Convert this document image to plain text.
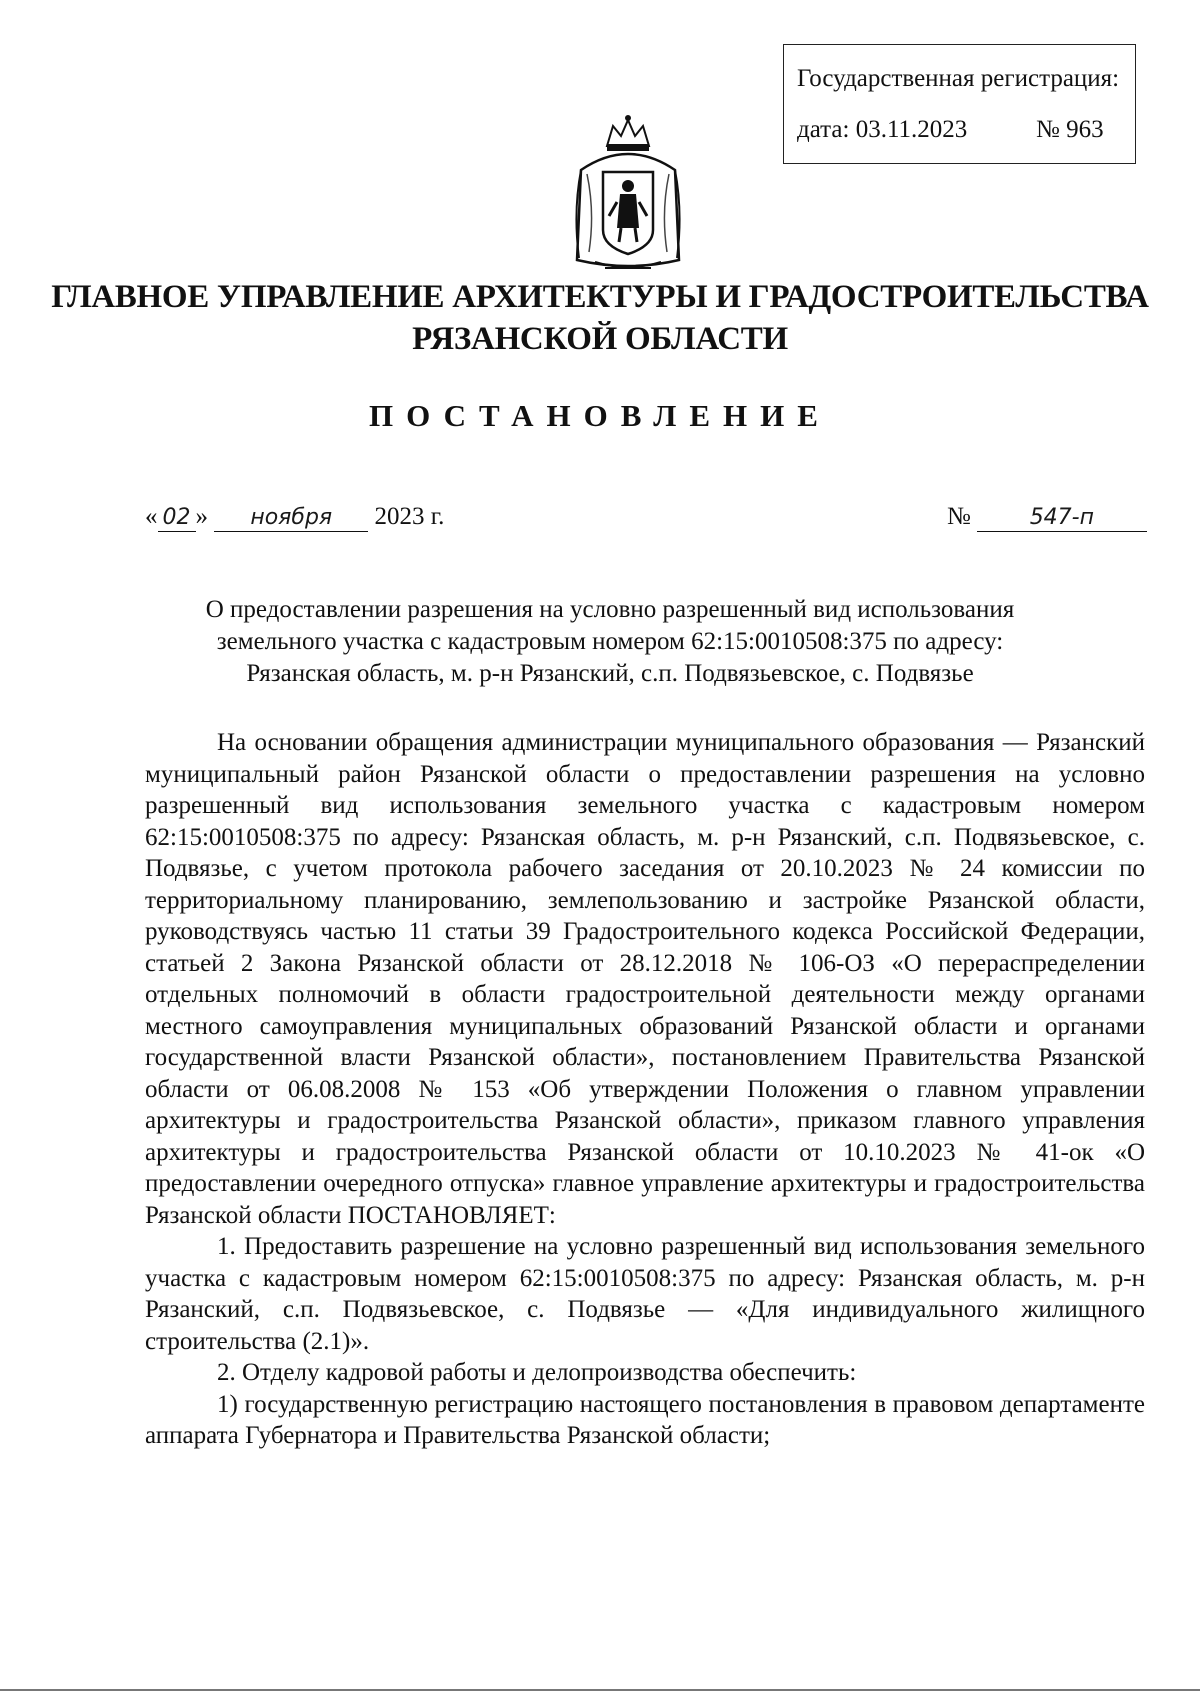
Государственная регистрация:
дата: 03.11.2023	№ 963
ГЛАВНОЕ УПРАВЛЕНИЕ АРХИТЕКТУРЫ И ГРАДОСТРОИТЕЛЬСТВА
РЯЗАНСКОЙ ОБЛАСТИ
ПОСТАНОВЛЕНИЕ
« 02 » ноября 2023 г.	№	547-п
О предоставлении разрешения на условно разрешенный вид использования
земельного участка с кадастровым номером 62:15:0010508:375 по адресу:
Рязанская область, м. р-н Рязанский, с.п. Подвязьевское, с. Подвязье

На основании обращения администрации муниципального образования — Рязанский муниципальный район Рязанской области о предоставлении разрешения на условно разрешенный вид использования земельного участка с кадастровым номером 62:15:0010508:375 по адресу: Рязанская область, м. р-н Рязанский, с.п. Подвязьевское, с. Подвязье, с учетом протокола рабочего заседания от 20.10.2023 № 24 комиссии по территориальному планированию, землепользованию и застройке Рязанской области, руководствуясь частью 11 статьи 39 Градостроительного кодекса Российской Федерации, статьей 2 Закона Рязанской области от 28.12.2018 № 106-ОЗ «О перераспределении отдельных полномочий в области градостроительной деятельности между органами местного самоуправления муниципальных образований Рязанской области и органами государственной власти Рязанской области», постановлением Правительства Рязанской области от 06.08.2008 № 153 «Об утверждении Положения о главном управлении архитектуры и градостроительства Рязанской области», приказом главного управления архитектуры и градостроительства Рязанской области от 10.10.2023 № 41-ок «О предоставлении очередного отпуска» главное управление архитектуры и градостроительства Рязанской области ПОСТАНОВЛЯЕТ:

1. Предоставить разрешение на условно разрешенный вид использования земельного участка с кадастровым номером 62:15:0010508:375 по адресу: Рязанская область, м. р-н Рязанский, с.п. Подвязьевское, с. Подвязье — «Для индивидуального жилищного строительства (2.1)».

2. Отделу кадровой работы и делопроизводства обеспечить:

1) государственную регистрацию настоящего постановления в правовом департаменте аппарата Губернатора и Правительства Рязанской области;
